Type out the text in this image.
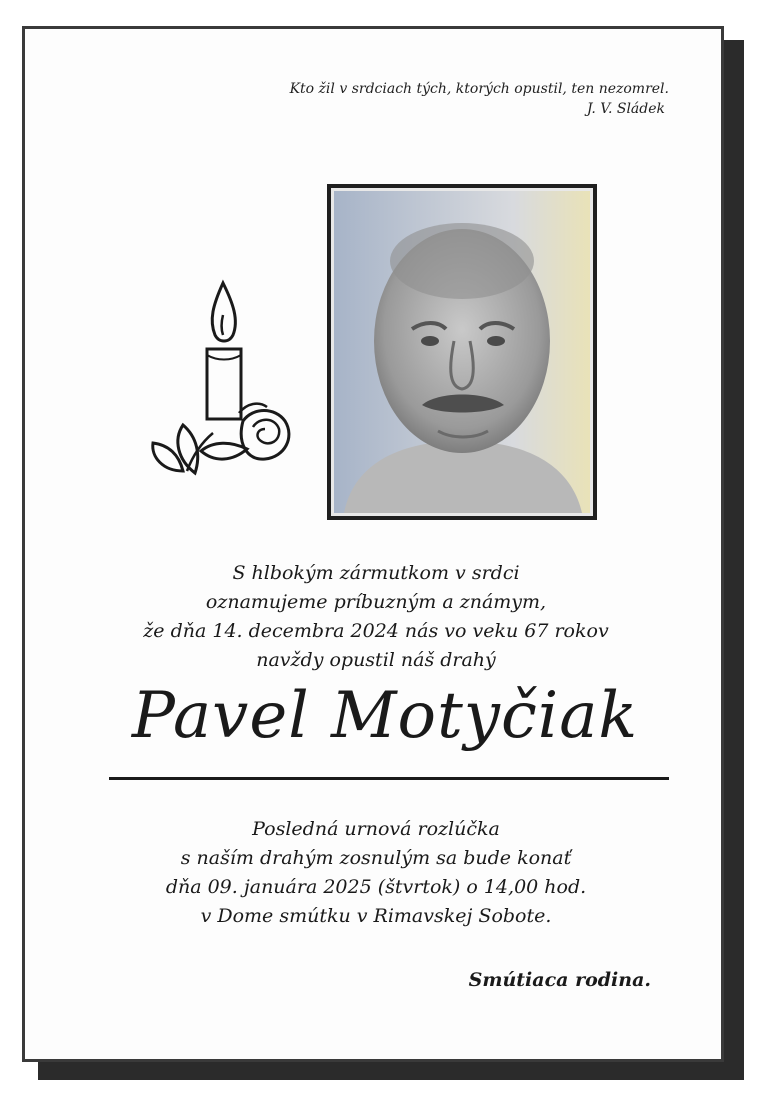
Kto žil v srdciach tých, ktorých opustil, ten nezomrel.
J. V. Sládek
S hlbokým zármutkom v srdci
oznamujeme príbuzným a známym,
že dňa 14. decembra 2024 nás vo veku 67 rokov
navždy opustil náš drahý
Pavel Motyčiak
Posledná urnová rozlúčka
s naším drahým zosnulým sa bude konať
dňa 09. januára 2025 (štvrtok) o 14,00 hod.
v Dome smútku v Rimavskej Sobote.
Smútiaca rodina.
